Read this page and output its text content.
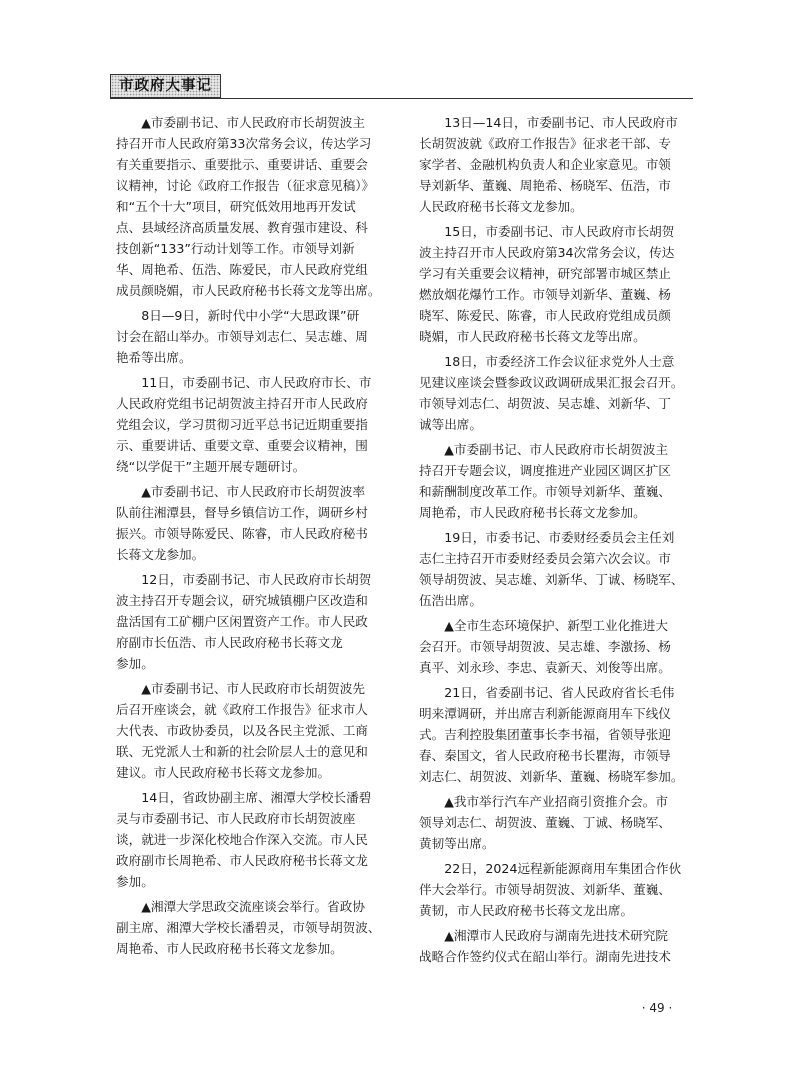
市政府大事记

▲市委副书记、市人民政府市长胡贺波主
持召开市人民政府第33次常务会议，传达学习
有关重要指示、重要批示、重要讲话、重要会
议精神，讨论《政府工作报告（征求意见稿）》
和“五个十大”项目，研究低效用地再开发试
点、县域经济高质量发展、教育强市建设、科
技创新“133”行动计划等工作。市领导刘新
华、周艳希、伍浩、陈爱民，市人民政府党组
成员颜晓媚，市人民政府秘书长蒋文龙等出席。

8日—9日，新时代中小学“大思政课”研
讨会在韶山举办。市领导刘志仁、吴志雄、周
艳希等出席。

11日，市委副书记、市人民政府市长、市
人民政府党组书记胡贺波主持召开市人民政府
党组会议，学习贯彻习近平总书记近期重要指
示、重要讲话、重要文章、重要会议精神，围
绕“以学促干”主题开展专题研讨。

▲市委副书记、市人民政府市长胡贺波率
队前往湘潭县，督导乡镇信访工作，调研乡村
振兴。市领导陈爱民、陈睿，市人民政府秘书
长蒋文龙参加。

12日，市委副书记、市人民政府市长胡贺
波主持召开专题会议，研究城镇棚户区改造和
盘活国有工矿棚户区闲置资产工作。市人民政
府副市长伍浩、市人民政府秘书长蒋文龙
参加。

▲市委副书记、市人民政府市长胡贺波先
后召开座谈会，就《政府工作报告》征求市人
大代表、市政协委员，以及各民主党派、工商
联、无党派人士和新的社会阶层人士的意见和
建议。市人民政府秘书长蒋文龙参加。

14日，省政协副主席、湘潭大学校长潘碧
灵与市委副书记、市人民政府市长胡贺波座
谈，就进一步深化校地合作深入交流。市人民
政府副市长周艳希、市人民政府秘书长蒋文龙
参加。

▲湘潭大学思政交流座谈会举行。省政协
副主席、湘潭大学校长潘碧灵，市领导胡贺波、
周艳希、市人民政府秘书长蒋文龙参加。

13日—14日，市委副书记、市人民政府市
长胡贺波就《政府工作报告》征求老干部、专
家学者、金融机构负责人和企业家意见。市领
导刘新华、董巍、周艳希、杨晓军、伍浩，市
人民政府秘书长蒋文龙参加。

15日，市委副书记、市人民政府市长胡贺
波主持召开市人民政府第34次常务会议，传达
学习有关重要会议精神，研究部署市城区禁止
燃放烟花爆竹工作。市领导刘新华、董巍、杨
晓军、陈爱民、陈睿，市人民政府党组成员颜
晓媚，市人民政府秘书长蒋文龙等出席。

18日，市委经济工作会议征求党外人士意
见建议座谈会暨参政议政调研成果汇报会召开。
市领导刘志仁、胡贺波、吴志雄、刘新华、丁
诚等出席。

▲市委副书记、市人民政府市长胡贺波主
持召开专题会议，调度推进产业园区调区扩区
和薪酬制度改革工作。市领导刘新华、董巍、
周艳希，市人民政府秘书长蒋文龙参加。

19日，市委书记、市委财经委员会主任刘
志仁主持召开市委财经委员会第六次会议。市
领导胡贺波、吴志雄、刘新华、丁诚、杨晓军、
伍浩出席。

▲全市生态环境保护、新型工业化推进大
会召开。市领导胡贺波、吴志雄、李激扬、杨
真平、刘永珍、李忠、袁新天、刘俊等出席。

21日，省委副书记、省人民政府省长毛伟
明来潭调研，并出席吉利新能源商用车下线仪
式。吉利控股集团董事长李书福，省领导张迎
春、秦国文，省人民政府秘书长瞿海，市领导
刘志仁、胡贺波、刘新华、董巍、杨晓军参加。

▲我市举行汽车产业招商引资推介会。市
领导刘志仁、胡贺波、董巍、丁诚、杨晓军、
黄韧等出席。

22日，2024远程新能源商用车集团合作伙
伴大会举行。市领导胡贺波、刘新华、董巍、
黄韧，市人民政府秘书长蒋文龙出席。

▲湘潭市人民政府与湖南先进技术研究院
战略合作签约仪式在韶山举行。湖南先进技术

· 49 ·
